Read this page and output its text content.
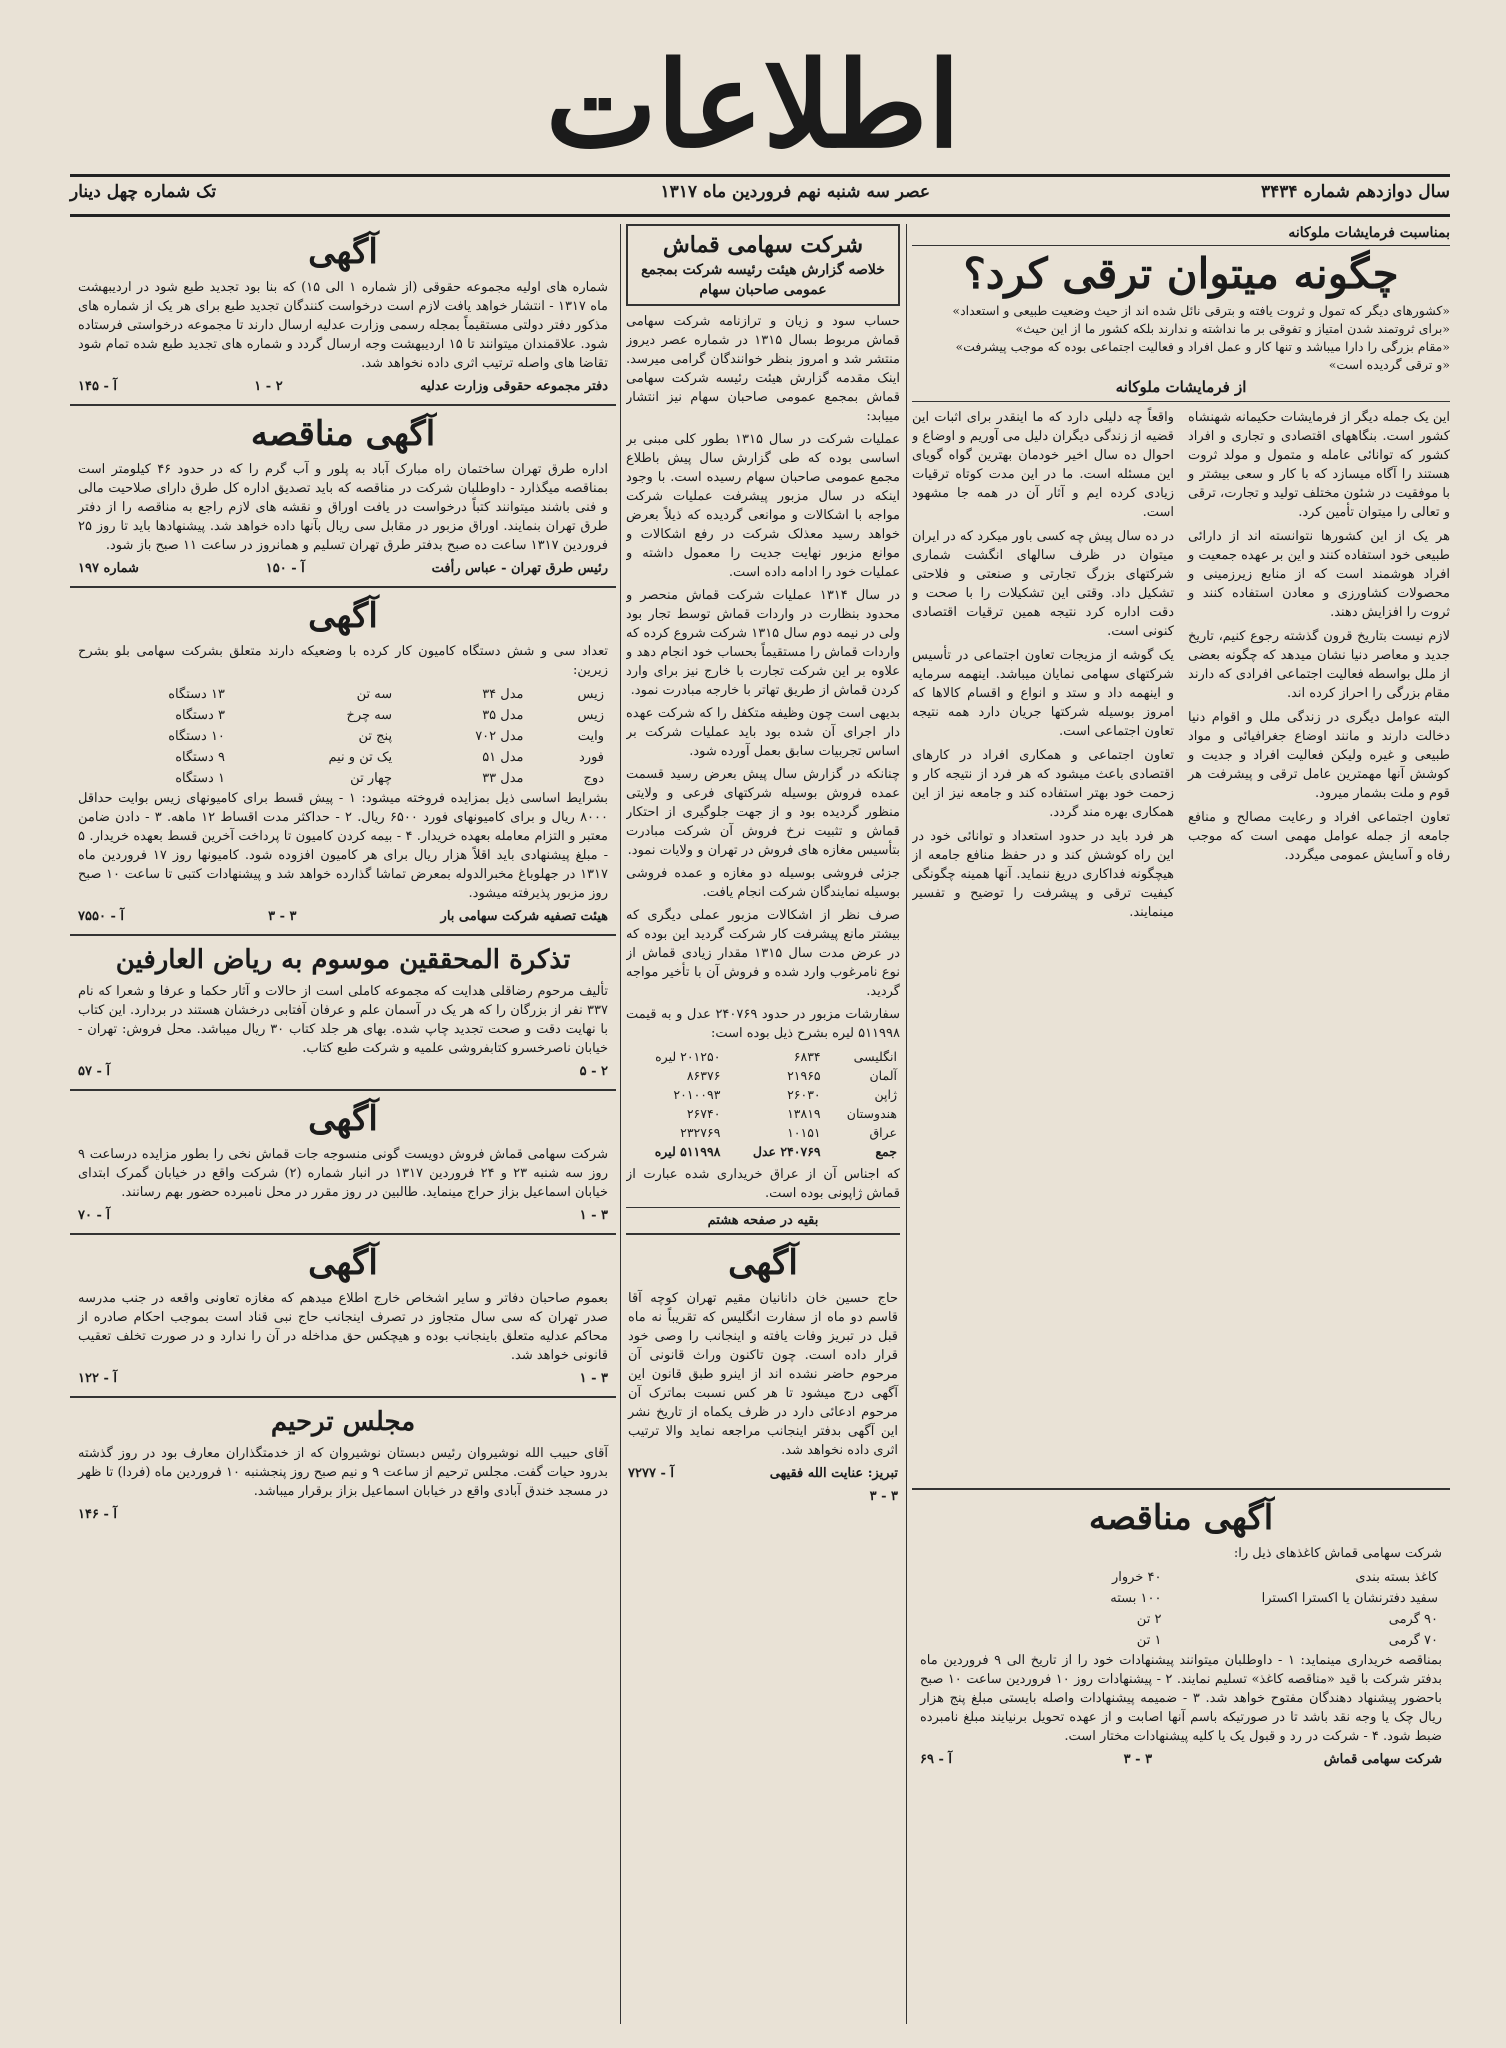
اطلاعات
سال دوازدهم شماره ۳۴۳۴
عصر سه شنبه نهم فروردین ماه ۱۳۱۷
تک شماره چهل دینار
آگهی

شماره های اولیه مجموعه حقوقی (از شماره ۱ الی ۱۵) که بنا بود تجدید طبع شود در اردیبهشت ماه ۱۳۱۷ - انتشار خواهد یافت لازم است درخواست کنندگان تجدید طبع برای هر یک از شماره های مذکور دفتر دولتی مستقیماً بمجله رسمی وزارت عدلیه ارسال دارند تا مجموعه درخواستی فرستاده شود. علاقمندان میتوانند تا ۱۵ اردیبهشت وجه ارسال گردد و شماره های تجدید طبع شده تمام شود تقاضا های واصله ترتیب اثری داده نخواهد شد.

دفتر مجموعه حقوقی وزارت عدلیه
۲ - ۱
آ - ۱۴۵
آگهی مناقصه

اداره طرق تهران ساختمان راه مبارک آباد به پلور و آب گرم را که در حدود ۴۶ کیلومتر است بمناقصه میگذارد - داوطلبان شرکت در مناقصه که باید تصدیق اداره کل طرق دارای صلاحیت مالی و فنی باشند میتوانند کتباً درخواست در یافت اوراق و نقشه های لازم راجع به مناقصه را از دفتر طرق تهران بنمایند. اوراق مزبور در مقابل سی ریال بآنها داده خواهد شد. پیشنهادها باید تا روز ۲۵ فروردین ۱۳۱۷ ساعت ده صبح بدفتر طرق تهران تسلیم و همانروز در ساعت ۱۱ صبح باز شود.

رئیس طرق تهران - عباس رأفت
آ - ۱۵۰
شماره ۱۹۷
آگهی

تعداد سی و شش دستگاه کامیون کار کرده با وضعیکه دارند متعلق بشرکت سهامی بلو بشرح زیرین:

زیس	مدل ۳۴	سه تن	۱۳ دستگاه
زیس	مدل ۳۵	سه چرخ	۳ دستگاه
وایت	مدل ۷۰۲	پنج تن	۱۰ دستگاه
فورد	مدل ۵۱	یک تن و نیم	۹ دستگاه
دوج	مدل ۳۳	چهار تن	۱ دستگاه

بشرایط اساسی ذیل بمزایده فروخته میشود: ۱ - پیش قسط برای کامیونهای زیس بوایت حداقل ۸۰۰۰ ریال و برای کامیونهای فورد ۶۵۰۰ ریال. ۲ - حداکثر مدت اقساط ۱۲ ماهه. ۳ - دادن ضامن معتبر و التزام معامله بعهده خریدار. ۴ - بیمه کردن کامیون تا پرداخت آخرین قسط بعهده خریدار. ۵ - مبلغ پیشنهادی باید اقلاً هزار ریال برای هر کامیون افزوده شود. کامیونها روز ۱۷ فروردین ماه ۱۳۱۷ در جهلوباغ مخبرالدوله بمعرض تماشا گذارده خواهد شد و پیشنهادات کتبی تا ساعت ۱۰ صبح روز مزبور پذیرفته میشود.

هیئت تصفیه شرکت سهامی بار
۳ - ۳
آ - ۷۵۵۰
تذکرة المحققین موسوم به ریاض العارفین

تألیف مرحوم رضاقلی هدایت که مجموعه کاملی است از حالات و آثار حکما و عرفا و شعرا که نام ۳۳۷ نفر از بزرگان را که هر یک در آسمان علم و عرفان آفتابی درخشان هستند در بردارد. این کتاب با نهایت دقت و صحت تجدید چاپ شده. بهای هر جلد کتاب ۳۰ ریال میباشد. محل فروش: تهران - خیابان ناصرخسرو کتابفروشی علمیه و شرکت طبع کتاب.

۲ - ۵
آ - ۵۷
آگهی

شرکت سهامی قماش فروش دویست گونی منسوجه جات قماش نخی را بطور مزایده درساعت ۹ روز سه شنبه ۲۳ و ۲۴ فروردین ۱۳۱۷ در انبار شماره (۲) شرکت واقع در خیابان گمرک ابتدای خیابان اسماعیل بزاز حراج مینماید. طالبین در روز مقرر در محل نامبرده حضور بهم رسانند.

۳ - ۱
آ - ۷۰
آگهی

بعموم صاحبان دفاتر و سایر اشخاص خارج اطلاع میدهم که مغازه تعاونی واقعه در جنب مدرسه صدر تهران که سی سال متجاوز در تصرف اینجانب حاج نبی قناد است بموجب احکام صادره از محاکم عدلیه متعلق باینجانب بوده و هیچکس حق مداخله در آن را ندارد و در صورت تخلف تعقیب قانونی خواهد شد.

۳ - ۱
آ - ۱۲۲
مجلس ترحیم

آقای حبیب الله نوشیروان رئیس دبستان نوشیروان که از خدمتگذاران معارف بود در روز گذشته بدرود حیات گفت. مجلس ترحیم از ساعت ۹ و نیم صبح روز پنجشنبه ۱۰ فروردین ماه (فردا) تا ظهر در مسجد خندق آبادی واقع در خیابان اسماعیل بزاز برقرار میباشد.

آ - ۱۴۶
شرکت سهامی قماش
خلاصه گزارش هیئت رئیسه شرکت بمجمع عمومی صاحبان سهام

حساب سود و زیان و ترازنامه شرکت سهامی قماش مربوط بسال ۱۳۱۵ در شماره عصر دیروز منتشر شد و امروز بنظر خوانندگان گرامی میرسد. اینک مقدمه گزارش هیئت رئیسه شرکت سهامی قماش بمجمع عمومی صاحبان سهام نیز انتشار مییابد:

عملیات شرکت در سال ۱۳۱۵ بطور کلی مبنی بر اساسی بوده که طی گزارش سال پیش باطلاع مجمع عمومی صاحبان سهام رسیده است. با وجود اینکه در سال مزبور پیشرفت عملیات شرکت مواجه با اشکالات و موانعی گردیده که ذیلاً بعرض خواهد رسید معذلک شرکت در رفع اشکالات و موانع مزبور نهایت جدیت را معمول داشته و عملیات خود را ادامه داده است.

در سال ۱۳۱۴ عملیات شرکت قماش منحصر و محدود بنظارت در واردات قماش توسط تجار بود ولی در نیمه دوم سال ۱۳۱۵ شرکت شروع کرده که واردات قماش را مستقیماً بحساب خود انجام دهد و علاوه بر این شرکت تجارت با خارج نیز برای وارد کردن قماش از طریق تهاتر با خارجه مبادرت نمود.

بدیهی است چون وظیفه متکفل را که شرکت عهده دار اجرای آن شده بود باید عملیات شرکت بر اساس تجربیات سابق بعمل آورده شود.

چنانکه در گزارش سال پیش بعرض رسید قسمت عمده فروش بوسیله شرکتهای فرعی و ولایتی منظور گردیده بود و از جهت جلوگیری از احتکار قماش و تثبیت نرخ فروش آن شرکت مبادرت بتأسیس مغازه های فروش در تهران و ولایات نمود.

جزئی فروشی بوسیله دو مغازه و عمده فروشی بوسیله نمایندگان شرکت انجام یافت.

صرف نظر از اشکالات مزبور عملی دیگری که بیشتر مانع پیشرفت کار شرکت گردید این بوده که در عرض مدت سال ۱۳۱۵ مقدار زیادی قماش از نوع نامرغوب وارد شده و فروش آن با تأخیر مواجه گردید.

سفارشات مزبور در حدود ۲۴۰۷۶۹ عدل و به قیمت ۵۱۱۹۹۸ لیره بشرح ذیل بوده است:

انگلیسی	۶۸۳۴	۲۰۱۲۵۰ لیره
آلمان	۲۱۹۶۵	۸۶۳۷۶
ژاپن	۲۶۰۳۰	۲۰۱۰۰۹۳
هندوستان	۱۳۸۱۹	۲۶۷۴۰
عراق	۱۰۱۵۱	۲۳۲۷۶۹
جمع	۲۴۰۷۶۹ عدل	۵۱۱۹۹۸ لیره

که اجناس آن از عراق خریداری شده عبارت از قماش ژاپونی بوده است.

بقیه در صفحه هشتم
آگهی

حاج حسین خان دانانیان مقیم تهران کوچه آقا قاسم دو ماه از سفارت انگلیس که تقریباً نه ماه قبل در تبریز وفات یافته و اینجانب را وصی خود قرار داده است. چون تاکنون وراث قانونی آن مرحوم حاضر نشده اند از اینرو طبق قانون این آگهی درج میشود تا هر کس نسبت بماترک آن مرحوم ادعائی دارد در ظرف یکماه از تاریخ نشر این آگهی بدفتر اینجانب مراجعه نماید والا ترتیب اثری داده نخواهد شد.

تبریز: عنایت الله فقیهی
آ - ۷۲۷۷
۳ - ۳
بمناسبت فرمایشات ملوکانه
چگونه میتوان ترقی کرد؟
«کشورهای دیگر که تمول و ثروت یافته و بترقی نائل شده اند از حیث وضعیت طبیعی و استعداد»
«برای ثروتمند شدن امتیاز و تفوقی بر ما نداشته و ندارند بلکه کشور ما از این حیث»
«مقام بزرگی را دارا میباشد و تنها کار و عمل افراد و فعالیت اجتماعی بوده که موجب پیشرفت»
«و ترقی گردیده است»
از فرمایشات ملوکانه

این یک جمله دیگر از فرمایشات حکیمانه شهنشاه کشور است. بنگاههای اقتصادی و تجاری و افراد کشور که توانائی عامله و متمول و مولد ثروت هستند را آگاه میسازد که با کار و سعی بیشتر و با موفقیت در شئون مختلف تولید و تجارت، ترقی و تعالی را میتوان تأمین کرد.

هر یک از این کشورها نتوانسته اند از دارائی طبیعی خود استفاده کنند و این بر عهده جمعیت و افراد هوشمند است که از منابع زیرزمینی و محصولات کشاورزی و معادن استفاده کنند و ثروت را افزایش دهند.

لازم نیست بتاریخ قرون گذشته رجوع کنیم، تاریخ جدید و معاصر دنیا نشان میدهد که چگونه بعضی از ملل بواسطه فعالیت اجتماعی افرادی که دارند مقام بزرگی را احراز کرده اند.

البته عوامل دیگری در زندگی ملل و اقوام دنیا دخالت دارند و مانند اوضاع جغرافیائی و مواد طبیعی و غیره ولیکن فعالیت افراد و جدیت و کوشش آنها مهمترین عامل ترقی و پیشرفت هر قوم و ملت بشمار میرود.

تعاون اجتماعی افراد و رعایت مصالح و منافع جامعه از جمله عوامل مهمی است که موجب رفاه و آسایش عمومی میگردد.

واقعاً چه دلیلی دارد که ما اینقدر برای اثبات این قضیه از زندگی دیگران دلیل می آوریم و اوضاع و احوال ده سال اخیر خودمان بهترین گواه گویای این مسئله است. ما در این مدت کوتاه ترقیات زیادی کرده ایم و آثار آن در همه جا مشهود است.

در ده سال پیش چه کسی باور میکرد که در ایران میتوان در ظرف سالهای انگشت شماری شرکتهای بزرگ تجارتی و صنعتی و فلاحتی تشکیل داد. وقتی این تشکیلات را با صحت و دقت اداره کرد نتیجه همین ترقیات اقتصادی کنونی است.

یک گوشه از مزیجات تعاون اجتماعی در تأسیس شرکتهای سهامی نمایان میباشد. اینهمه سرمایه و اینهمه داد و ستد و انواع و اقسام کالاها که امروز بوسیله شرکتها جریان دارد همه نتیجه تعاون اجتماعی است.

تعاون اجتماعی و همکاری افراد در کارهای اقتصادی باعث میشود که هر فرد از نتیجه کار و زحمت خود بهتر استفاده کند و جامعه نیز از این همکاری بهره مند گردد.

هر فرد باید در حدود استعداد و توانائی خود در این راه کوشش کند و در حفظ منافع جامعه از هیچگونه فداکاری دریغ ننماید. آنها همینه چگونگی کیفیت ترقی و پیشرفت را توضیح و تفسیر مینمایند.

آگهی مناقصه

شرکت سهامی قماش کاغذهای ذیل را:

کاغذ بسته بندی	۴۰ خروار
سفید دفترنشان یا اکسترا اکسترا	۱۰۰ بسته
۹۰ گرمی	۲ تن
۷۰ گرمی	۱ تن

بمناقصه خریداری مینماید: ۱ - داوطلبان میتوانند پیشنهادات خود را از تاریخ الی ۹ فروردین ماه بدفتر شرکت با قید «مناقصه کاغذ» تسلیم نمایند. ۲ - پیشنهادات روز ۱۰ فروردین ساعت ۱۰ صبح باحضور پیشنهاد دهندگان مفتوح خواهد شد. ۳ - ضمیمه پیشنهادات واصله بایستی مبلغ پنج هزار ریال چک یا وجه نقد باشد تا در صورتیکه باسم آنها اصابت و از عهده تحویل برنیایند مبلغ نامبرده ضبط شود. ۴ - شرکت در رد و قبول یک یا کلیه پیشنهادات مختار است.

شرکت سهامی قماش
۳ - ۳
آ - ۶۹
